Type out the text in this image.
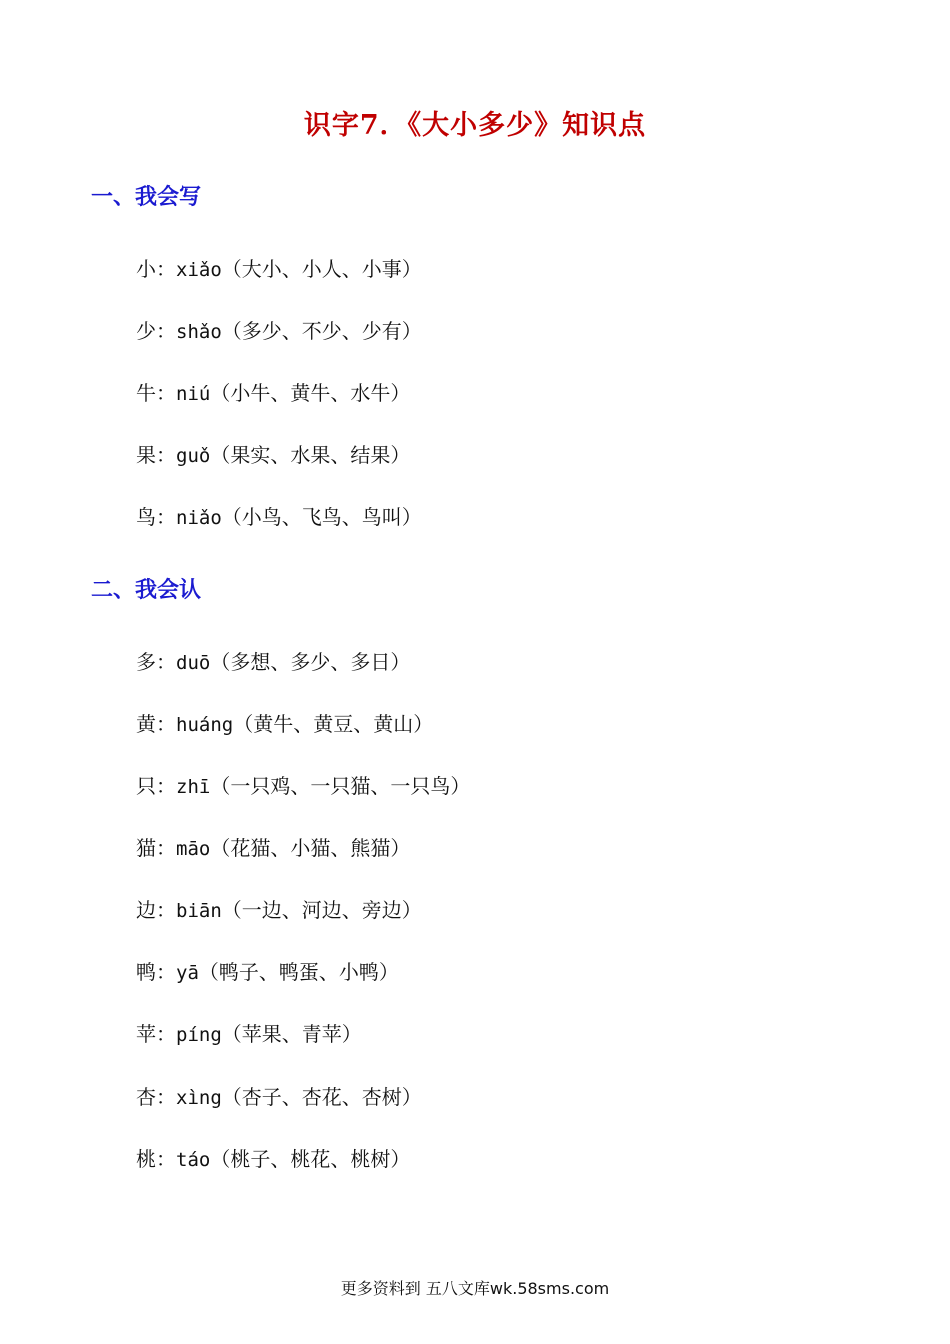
识字7．《大小多少》知识点
一、我会写
小：xiǎo（大小、小人、小事）
少：shǎo（多少、不少、少有）
牛：niú（小牛、黄牛、水牛）
果：guǒ（果实、水果、结果）
鸟：niǎo（小鸟、飞鸟、鸟叫）
二、我会认
多：duō（多想、多少、多日）
黄：huáng（黄牛、黄豆、黄山）
只：zhī（一只鸡、一只猫、一只鸟）
猫：māo（花猫、小猫、熊猫）
边：biān（一边、河边、旁边）
鸭：yā（鸭子、鸭蛋、小鸭）
苹：píng（苹果、青苹）
杏：xìng（杏子、杏花、杏树）
桃：táo（桃子、桃花、桃树）
更多资料到 五八文库wk.58sms.com
